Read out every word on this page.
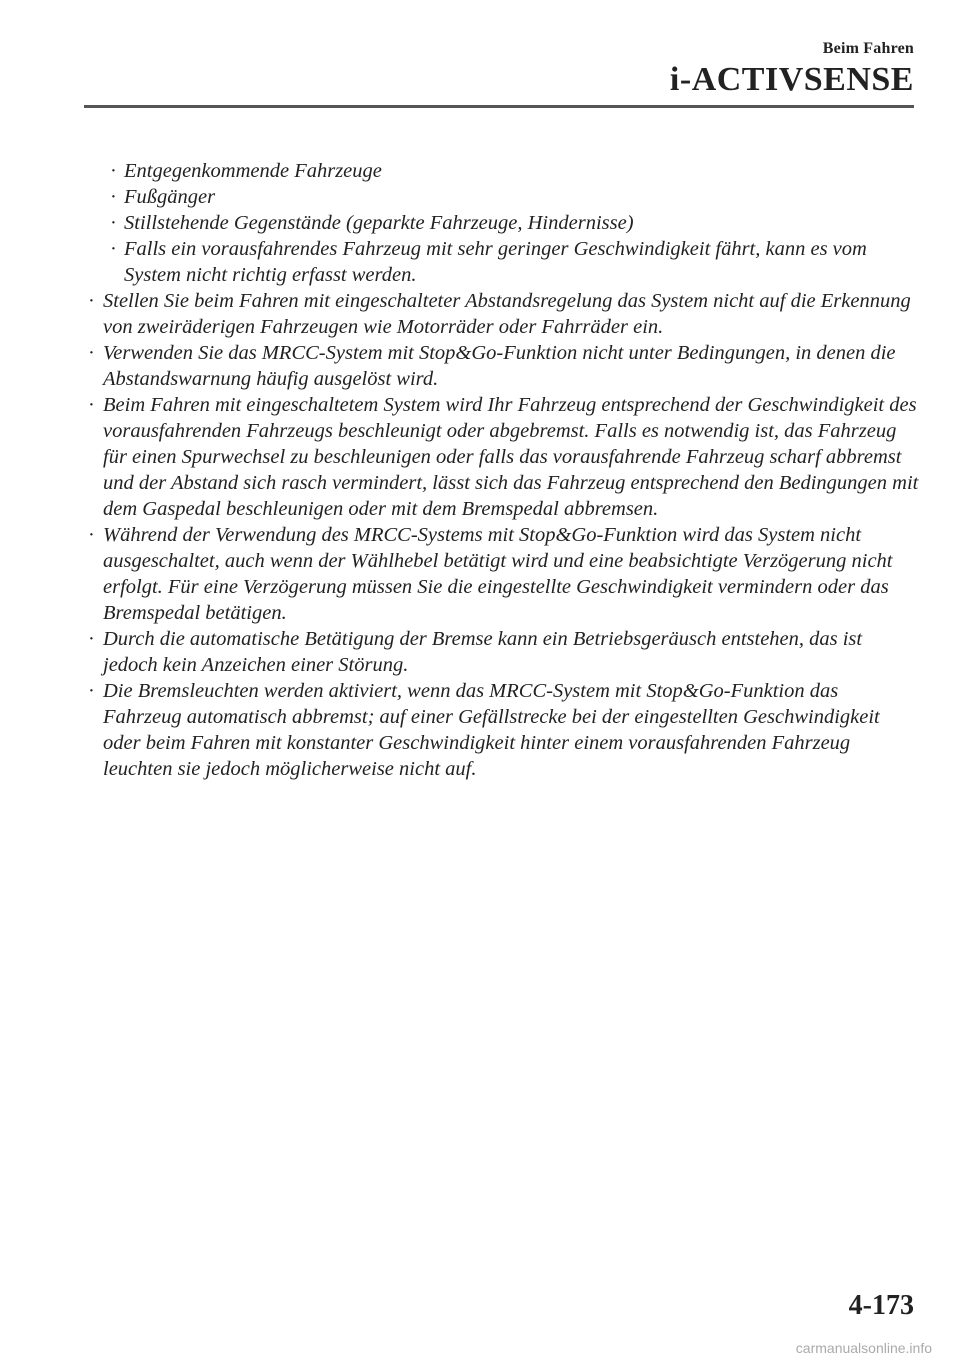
Beim Fahren
i-ACTIVSENSE
· Entgegenkommende Fahrzeuge
· Fußgänger
· Stillstehende Gegenstände (geparkte Fahrzeuge, Hindernisse)
· Falls ein vorausfahrendes Fahrzeug mit sehr geringer Geschwindigkeit fährt, kann es vom System nicht richtig erfasst werden.
· Stellen Sie beim Fahren mit eingeschalteter Abstandsregelung das System nicht auf die Erkennung von zweiräderigen Fahrzeugen wie Motorräder oder Fahrräder ein.
· Verwenden Sie das MRCC-System mit Stop&Go-Funktion nicht unter Bedingungen, in denen die Abstandswarnung häufig ausgelöst wird.
· Beim Fahren mit eingeschaltetem System wird Ihr Fahrzeug entsprechend der Geschwindigkeit des vorausfahrenden Fahrzeugs beschleunigt oder abgebremst. Falls es notwendig ist, das Fahrzeug für einen Spurwechsel zu beschleunigen oder falls das vorausfahrende Fahrzeug scharf abbremst und der Abstand sich rasch vermindert, lässt sich das Fahrzeug entsprechend den Bedingungen mit dem Gaspedal beschleunigen oder mit dem Bremspedal abbremsen.
· Während der Verwendung des MRCC-Systems mit Stop&Go-Funktion wird das System nicht ausgeschaltet, auch wenn der Wählhebel betätigt wird und eine beabsichtigte Verzögerung nicht erfolgt. Für eine Verzögerung müssen Sie die eingestellte Geschwindigkeit vermindern oder das Bremspedal betätigen.
· Durch die automatische Betätigung der Bremse kann ein Betriebsgeräusch entstehen, das ist jedoch kein Anzeichen einer Störung.
· Die Bremsleuchten werden aktiviert, wenn das MRCC-System mit Stop&Go-Funktion das Fahrzeug automatisch abbremst; auf einer Gefällstrecke bei der eingestellten Geschwindigkeit oder beim Fahren mit konstanter Geschwindigkeit hinter einem vorausfahrenden Fahrzeug leuchten sie jedoch möglicherweise nicht auf.
4-173
carmanualsonline.info
